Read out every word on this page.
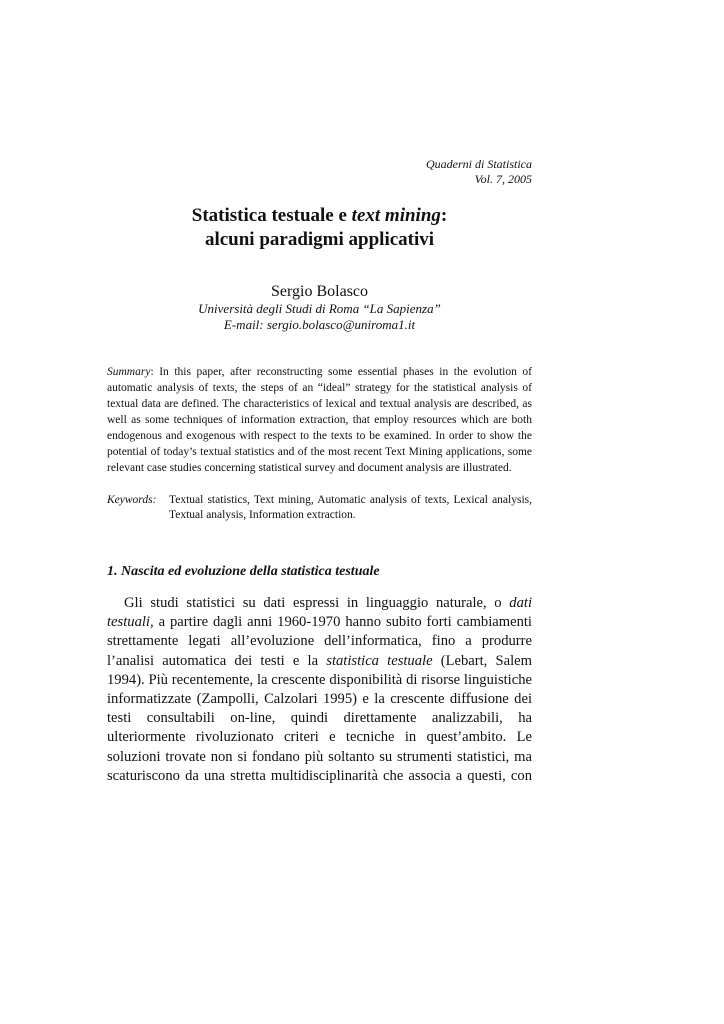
Quaderni di Statistica
Vol. 7, 2005
Statistica testuale e text mining:
alcuni paradigmi applicativi
Sergio Bolasco
Università degli Studi di Roma “La Sapienza”
E-mail: sergio.bolasco@uniroma1.it
Summary: In this paper, after reconstructing some essential phases in the evolution of automatic analysis of texts, the steps of an “ideal” strategy for the statistical analysis of textual data are defined. The characteristics of lexical and textual analysis are described, as well as some techniques of information extraction, that employ resources which are both endogenous and exogenous with respect to the texts to be examined. In order to show the potential of today’s textual statistics and of the most recent Text Mining applications, some relevant case studies concerning statistical survey and document analysis are illustrated.
Keywords:	Textual statistics, Text mining, Automatic analysis of texts, Lexical analysis, Textual analysis, Information extraction.
1. Nascita ed evoluzione della statistica testuale
Gli studi statistici su dati espressi in linguaggio naturale, o dati
testuali, a partire dagli anni 1960-1970 hanno subito forti cambiamenti
strettamente legati all’evoluzione dell’informatica, fino a produrre
l’analisi automatica dei testi e la statistica testuale (Lebart, Salem
1994). Più recentemente, la crescente disponibilità di risorse linguistiche
informatizzate (Zampolli, Calzolari 1995) e la crescente diffusione dei
testi consultabili on-line, quindi direttamente analizzabili, ha
ulteriormente rivoluzionato criteri e tecniche in quest’ambito. Le
soluzioni trovate non si fondano più soltanto su strumenti statistici, ma
scaturiscono da una stretta multidisciplinarità che associa a questi, con
